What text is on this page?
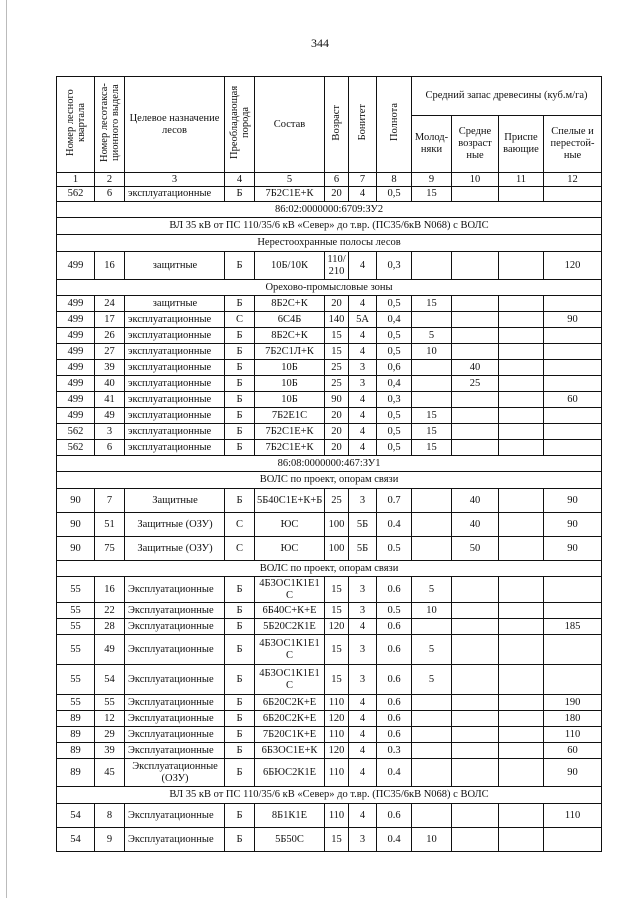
344
Номер лесного квартала	Номер лесотакса-ционного выдела	Целевое назначение лесов	Преобладающая порода	Состав	Возраст	Бонитет	Полнота	Средний запас древесины (куб.м/га)			
								Молод-няки	Средне возраст ные	Приспе вающие	Спелые и перестой-ные
1	2	3	4	5	6	7	8	9	10	11	12
562	6	эксплуатационные	Б	7Б2С1Е+К	20	4	0,5	15			
86:02:0000000:6709:ЗУ2											
ВЛ 35 кВ от ПС 110/35/6 кВ «Север» до т.вр. (ПС35/6кВ N068) с ВОЛС											
Нерестоохранные полосы лесов											
499	16	защитные	Б	10Б/10К	110/ 210	4	0,3				120
Орехово-промысловые зоны											
499	24	защитные	Б	8Б2С+К	20	4	0,5	15			
499	17	эксплуатационные	С	6С4Б	140	5А	0,4				90
499	26	эксплуатационные	Б	8Б2С+К	15	4	0,5	5			
499	27	эксплуатационные	Б	7Б2С1Л+К	15	4	0,5	10			
499	39	эксплуатационные	Б	10Б	25	3	0,6		40		
499	40	эксплуатационные	Б	10Б	25	3	0,4		25		
499	41	эксплуатационные	Б	10Б	90	4	0,3				60
499	49	эксплуатационные	Б	7Б2Е1С	20	4	0,5	15			
562	3	эксплуатационные	Б	7Б2С1Е+К	20	4	0,5	15			
562	6	эксплуатационные	Б	7Б2С1Е+К	20	4	0,5	15			
86:08:0000000:467:ЗУ1											
ВОЛС по проект, опорам связи											
90	7	Защитные	Б	5Б40С1Е+К+Б	25	3	0.7		40		90
90	51	Защитные (ОЗУ)	С	ЮС	100	5Б	0.4		40		90
90	75	Защитные (ОЗУ)	С	ЮС	100	5Б	0.5		50		90
ВОЛС по проект, опорам связи											
55	16	Эксплуатационные	Б	4Б3ОС1К1Е1 С	15	3	0.6	5			
55	22	Эксплуатационные	Б	6Б40С+К+Е	15	3	0.5	10			
55	28	Эксплуатационные	Б	5Б20С2К1Е	120	4	0.6				185
55	49	Эксплуатационные	Б	4Б3ОС1К1Е1 С	15	3	0.6	5			
55	54	Эксплуатационные	Б	4Б3ОС1К1Е1 С	15	3	0.6	5			
55	55	Эксплуатационные	Б	6Б20С2К+Е	110	4	0.6				190
89	12	Эксплуатационные	Б	6Б20С2К+Е	120	4	0.6				180
89	29	Эксплуатационные	Б	7Б20С1К+Е	110	4	0.6				110
89	39	Эксплуатационные	Б	6Б3ОС1Е+К	120	4	0.3				60
89	45	Эксплуатационные (ОЗУ)	Б	6БЮС2К1Е	110	4	0.4				90
ВЛ 35 кВ от ПС 110/35/6 кВ «Север» до т.вр. (ПС35/6кВ N068) с ВОЛС											
54	8	Эксплуатационные	Б	8Б1К1Е	110	4	0.6				110
54	9	Эксплуатационные	Б	5Б50С	15	3	0.4	10			
